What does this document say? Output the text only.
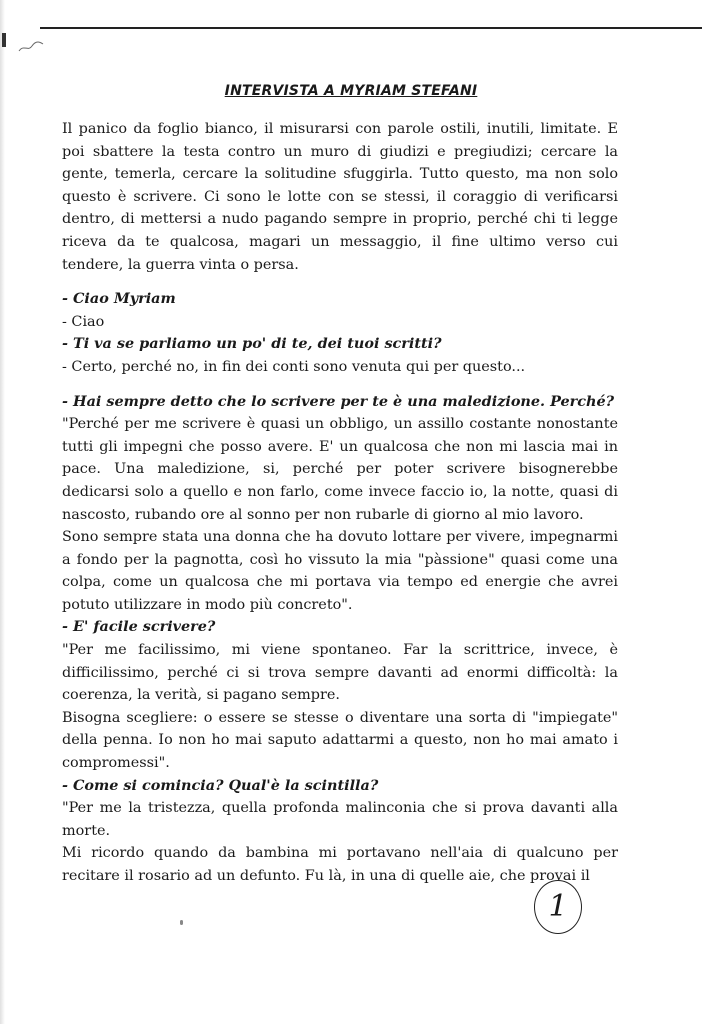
INTERVISTA A MYRIAM STEFANI

Il panico da foglio bianco, il misurarsi con parole ostili, inutili, limitate. E poi sbattere la testa contro un muro di giudizi e pregiudizi; cercare la gente, temerla, cercare la solitudine sfuggirla. Tutto questo, ma non solo questo è scrivere. Ci sono le lotte con se stessi, il coraggio di verificarsi dentro, di mettersi a nudo pagando sempre in proprio, perché chi ti legge riceva da te qualcosa, magari un messaggio, il fine ultimo verso cui tendere, la guerra vinta o persa.

- Ciao Myriam

- Ciao

- Ti va se parliamo un po' di te, dei tuoi scritti?

- Certo, perché no, in fin dei conti sono venuta qui per questo...

- Hai sempre detto che lo scrivere per te è una maledizione. Perché?

"Perché per me scrivere è quasi un obbligo, un assillo costante nonostante tutti gli impegni che posso avere. E' un qualcosa che non mi lascia mai in pace. Una maledizione, si, perché per poter scrivere bisognerebbe dedicarsi solo a quello e non farlo, come invece faccio io, la notte, quasi di nascosto, rubando ore al sonno per non rubarle di giorno al mio lavoro.

Sono sempre stata una donna che ha dovuto lottare per vivere, impegnarmi a fondo per la pagnotta, così ho vissuto la mia "pàssione" quasi come una colpa, come un qualcosa che mi portava via tempo ed energie che avrei potuto utilizzare in modo più concreto".

- E' facile scrivere?

"Per me facilissimo, mi viene spontaneo. Far la scrittrice, invece, è difficilissimo, perché ci si trova sempre davanti ad enormi difficoltà: la coerenza, la verità, si pagano sempre.

Bisogna scegliere: o essere se stesse o diventare una sorta di "impiegate" della penna. Io non ho mai saputo adattarmi a questo, non ho mai amato i compromessi".

- Come si comincia? Qual'è la scintilla?

"Per me la tristezza, quella profonda malinconia che si prova davanti alla morte.

Mi ricordo quando da bambina mi portavano nell'aia di qualcuno per recitare il rosario ad un defunto. Fu là, in una di quelle aie, che provai il

1
